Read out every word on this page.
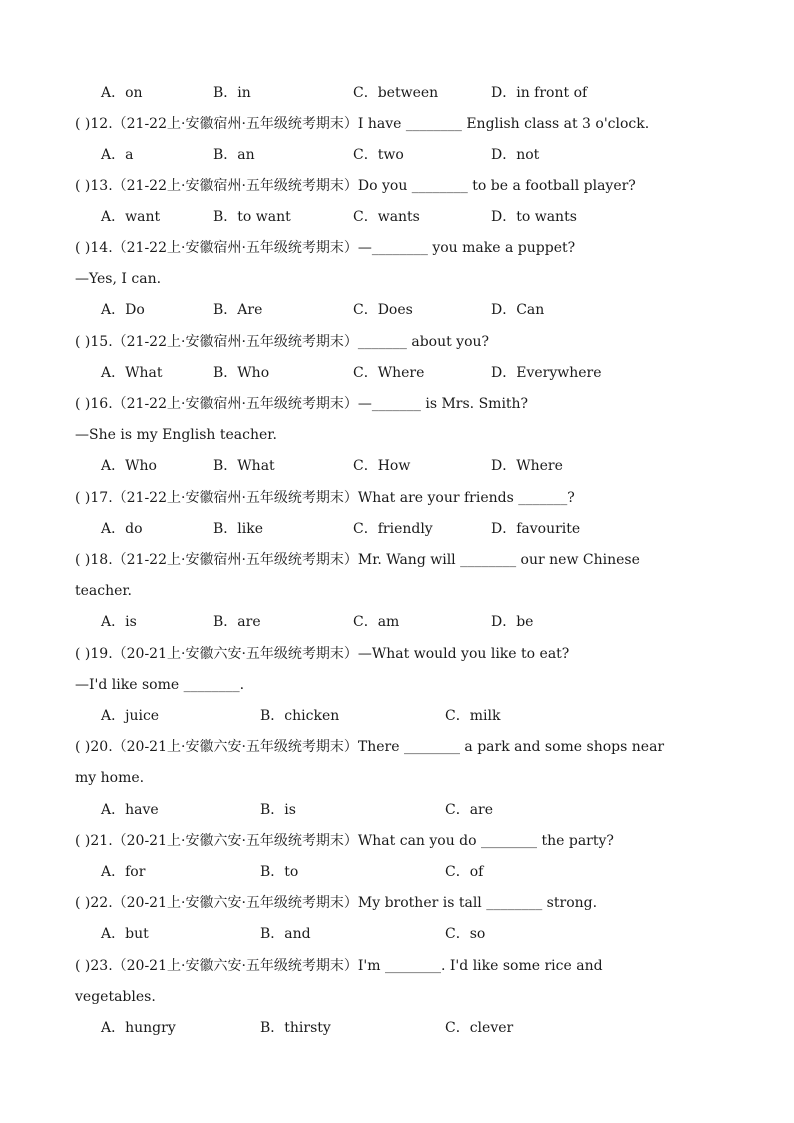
A．on	B．in	C．between	D．in front of
( )12.（21-22上·安徽宿州·五年级统考期末）I have ________ English class at 3 o'clock.
A．a	B．an	C．two	D．not
( )13.（21-22上·安徽宿州·五年级统考期末）Do you ________ to be a football player?
A．want	B．to want	C．wants	D．to wants
( )14.（21-22上·安徽宿州·五年级统考期末）—________ you make a puppet?
—Yes, I can.
A．Do	B．Are	C．Does	D．Can
( )15.（21-22上·安徽宿州·五年级统考期末）_______ about you?
A．What	B．Who	C．Where	D．Everywhere
( )16.（21-22上·安徽宿州·五年级统考期末）—_______ is Mrs. Smith?
—She is my English teacher.
A．Who	B．What	C．How	D．Where
( )17.（21-22上·安徽宿州·五年级统考期末）What are your friends _______?
A．do	B．like	C．friendly	D．favourite
( )18.（21-22上·安徽宿州·五年级统考期末）Mr. Wang will ________ our new Chinese
teacher.
A．is	B．are	C．am	D．be
( )19.（20-21上·安徽六安·五年级统考期末）—What would you like to eat?
—I'd like some ________.
A．juice	B．chicken	C．milk
( )20.（20-21上·安徽六安·五年级统考期末）There ________ a park and some shops near
my home.
A．have	B．is	C．are
( )21.（20-21上·安徽六安·五年级统考期末）What can you do ________ the party?
A．for	B．to	C．of
( )22.（20-21上·安徽六安·五年级统考期末）My brother is tall ________ strong.
A．but	B．and	C．so
( )23.（20-21上·安徽六安·五年级统考期末）I'm ________. I'd like some rice and
vegetables.
A．hungry	B．thirsty	C．clever
